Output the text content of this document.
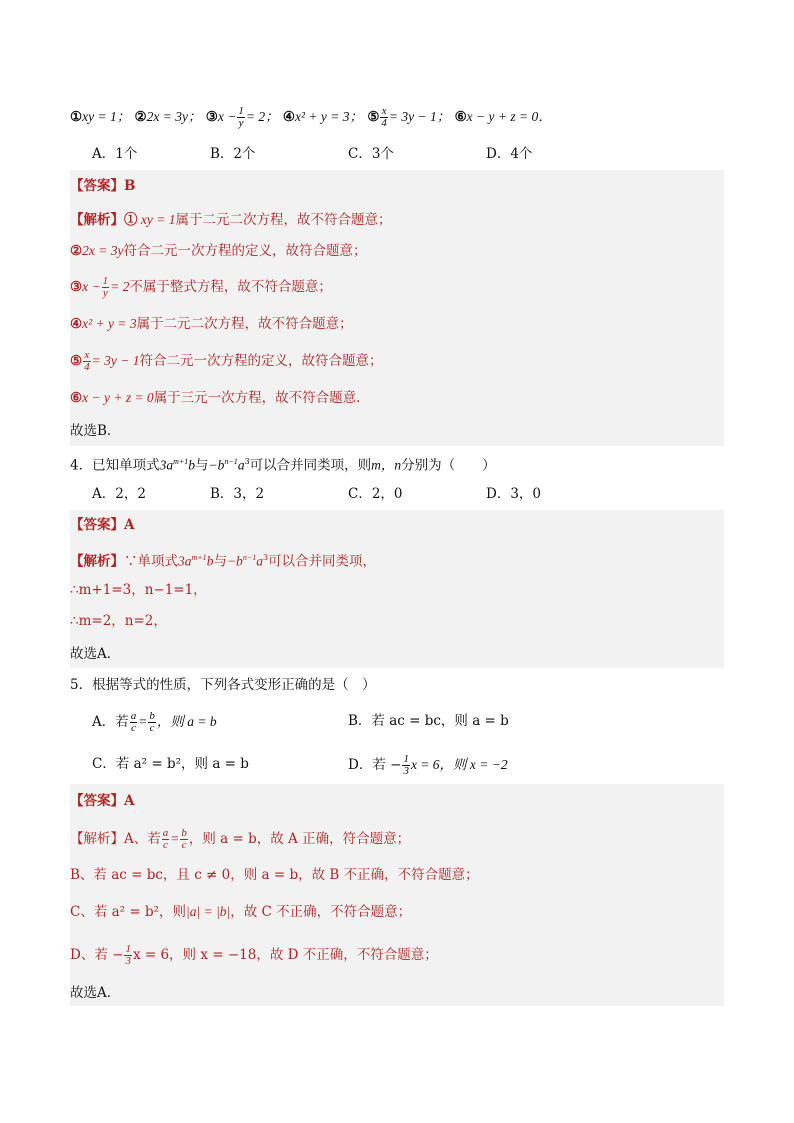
①xy = 1； ②2x = 3y； ③x − $\frac{1}{y} = 2$； ④x² + y = 3； ⑤ $\frac{x}{4} = 3y - 1$； ⑥x − y + z = 0．
A．1个	B．2个	C．3个	D．4个
【答案】B
【解析】① xy = 1属于二元二次方程，故不符合题意；
②2x = 3y符合二元一次方程的定义，故符合题意；
③x − $\frac{1}{y} = 2$不属于整式方程，故不符合题意；
④x² + y = 3属于二元二次方程，故不符合题意；
⑤ $\frac{x}{4} = 3y - 1$符合二元一次方程的定义，故符合题意；
⑥x − y + z = 0属于三元一次方程，故不符合题意.
故选B．
4．已知单项式$3a^{m+1}b$与$-b^{n-1}a^3$可以合并同类项，则m，n分别为（　　）
A．2，2	B．3，2	C．2，0	D．3，0
【答案】A
【解析】∵单项式$3a^{m+1}b$与$-b^{n-1}a^3$可以合并同类项，
∴m+1=3，n−1=1，
∴m=2，n=2，
故选A．
5．根据等式的性质，下列各式变形正确的是（　）
A．若 $\frac{a}{c} = \frac{b}{c}$ ，则 a = b	B．若 ac = bc，则 a = b
C．若 a² = b²，则 a = b	D．若 − $\frac{1}{3}$ x = 6，则 x = −2
【答案】A
【解析】A、若 $\frac{a}{c} = \frac{b}{c}$ ，则 a = b，故 A 正确，符合题意；
B、若 ac = bc，且 c ≠ 0，则 a = b，故 B 不正确，不符合题意；
C、若 a² = b²，则|a| = |b|，故 C 不正确，不符合题意；
D、若 − $\frac{1}{3}$ x = 6，则 x = −18，故 D 不正确，不符合题意；
故选A．
